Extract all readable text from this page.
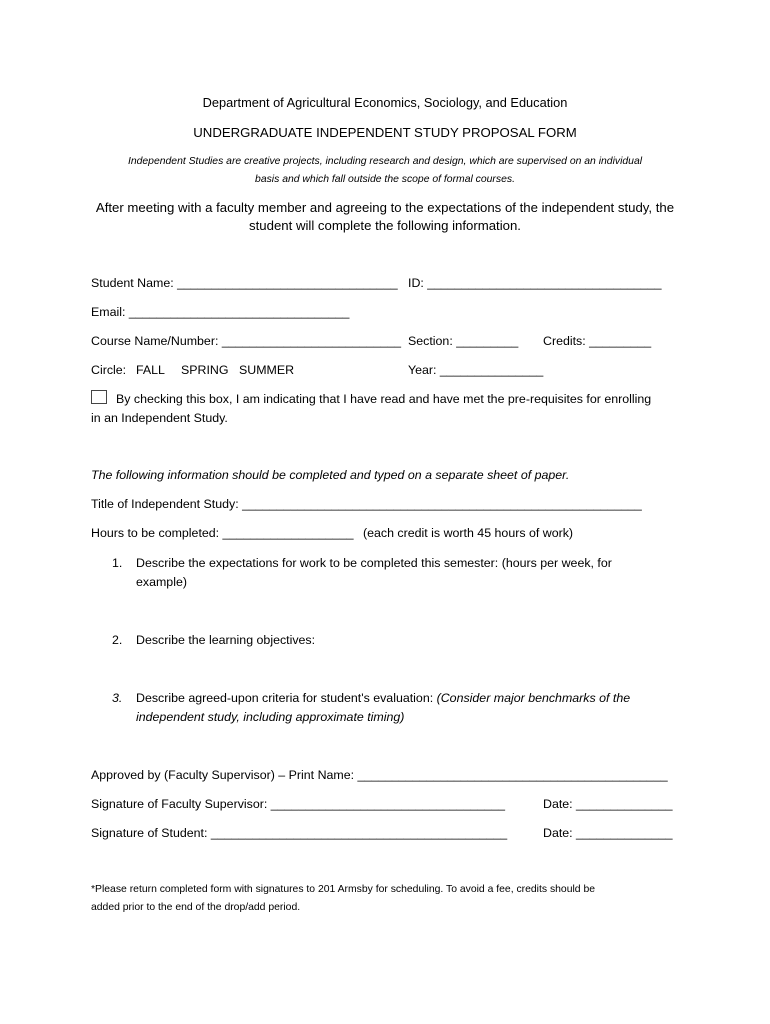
Department of Agricultural Economics, Sociology, and Education
UNDERGRADUATE INDEPENDENT STUDY PROPOSAL FORM
Independent Studies are creative projects, including research and design, which are supervised on an individual
basis and which fall outside the scope of formal courses.
After meeting with a faculty member and agreeing to the expectations of the independent study, the
student will complete the following information.
Student Name: ________________________________ ID: __________________________________
Email: ________________________________
Course Name/Number: __________________________ Section: _________ Credits: _________
Circle: FALL SPRING SUMMER	Year: _______________
By checking this box, I am indicating that I have read and have met the pre-requisites for enrolling
in an Independent Study.
The following information should be completed and typed on a separate sheet of paper.
Title of Independent Study: __________________________________________________________
Hours to be completed: ___________________ (each credit is worth 45 hours of work)
1. Describe the expectations for work to be completed this semester: (hours per week, for
example)
2. Describe the learning objectives:
3. Describe agreed-upon criteria for student's evaluation: (Consider major benchmarks of the
independent study, including approximate timing)
Approved by (Faculty Supervisor) – Print Name: _____________________________________________
Signature of Faculty Supervisor: __________________________________	Date: ______________
Signature of Student: ___________________________________________	Date: ______________
*Please return completed form with signatures to 201 Armsby for scheduling. To avoid a fee, credits should be
added prior to the end of the drop/add period.
